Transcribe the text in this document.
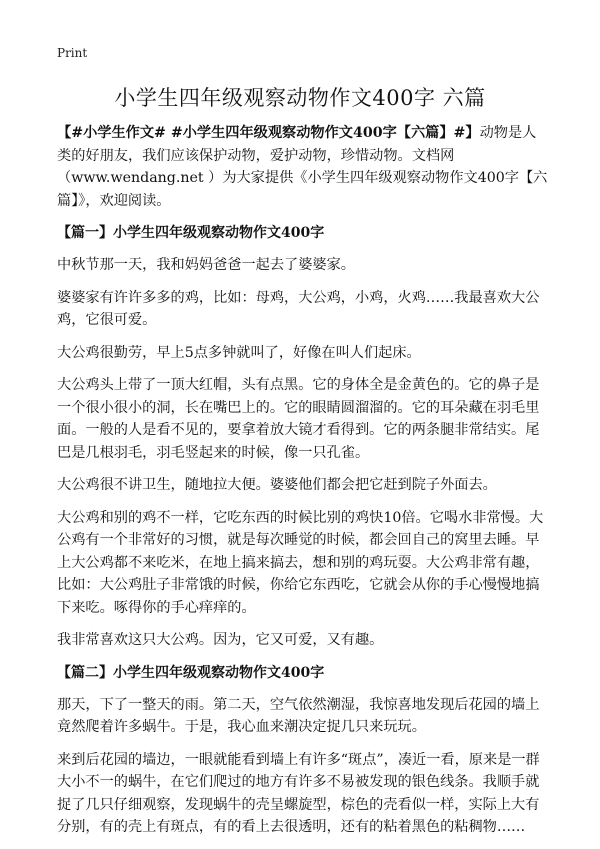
Print
小学生四年级观察动物作文400字 六篇

【#小学生作文# #小学生四年级观察动物作文400字【六篇】#】动物是人类的好朋友，我们应该保护动物，爱护动物，珍惜动物。文档网（www.wendang.net ）为大家提供《小学生四年级观察动物作文400字【六篇】》，欢迎阅读。

【篇一】小学生四年级观察动物作文400字

中秋节那一天，我和妈妈爸爸一起去了婆婆家。

婆婆家有许许多多的鸡，比如：母鸡，大公鸡，小鸡，火鸡……我最喜欢大公鸡，它很可爱。

大公鸡很勤劳，早上5点多钟就叫了，好像在叫人们起床。

大公鸡头上带了一顶大红帽，头有点黑。它的身体全是金黄色的。它的鼻子是一个很小很小的洞，长在嘴巴上的。它的眼睛圆溜溜的。它的耳朵藏在羽毛里面。一般的人是看不见的，要拿着放大镜才看得到。它的两条腿非常结实。尾巴是几根羽毛，羽毛竖起来的时候，像一只孔雀。

大公鸡很不讲卫生，随地拉大便。婆婆他们都会把它赶到院子外面去。

大公鸡和别的鸡不一样，它吃东西的时候比别的鸡快10倍。它喝水非常慢。大公鸡有一个非常好的习惯，就是每次睡觉的时候，都会回自己的窝里去睡。早上大公鸡都不来吃米，在地上搞来搞去，想和别的鸡玩耍。大公鸡非常有趣，比如：大公鸡肚子非常饿的时候，你给它东西吃，它就会从你的手心慢慢地搞下来吃。啄得你的手心痒痒的。

我非常喜欢这只大公鸡。因为，它又可爱，又有趣。

【篇二】小学生四年级观察动物作文400字

那天，下了一整天的雨。第二天，空气依然潮湿，我惊喜地发现后花园的墙上竟然爬着许多蜗牛。于是，我心血来潮决定捉几只来玩玩。

来到后花园的墙边，一眼就能看到墙上有许多“斑点”，凑近一看，原来是一群大小不一的蜗牛，在它们爬过的地方有许多不易被发现的银色线条。我顺手就捉了几只仔细观察，发现蜗牛的壳呈螺旋型，棕色的壳看似一样，实际上大有分别，有的壳上有斑点，有的看上去很透明，还有的粘着黑色的粘稠物……
